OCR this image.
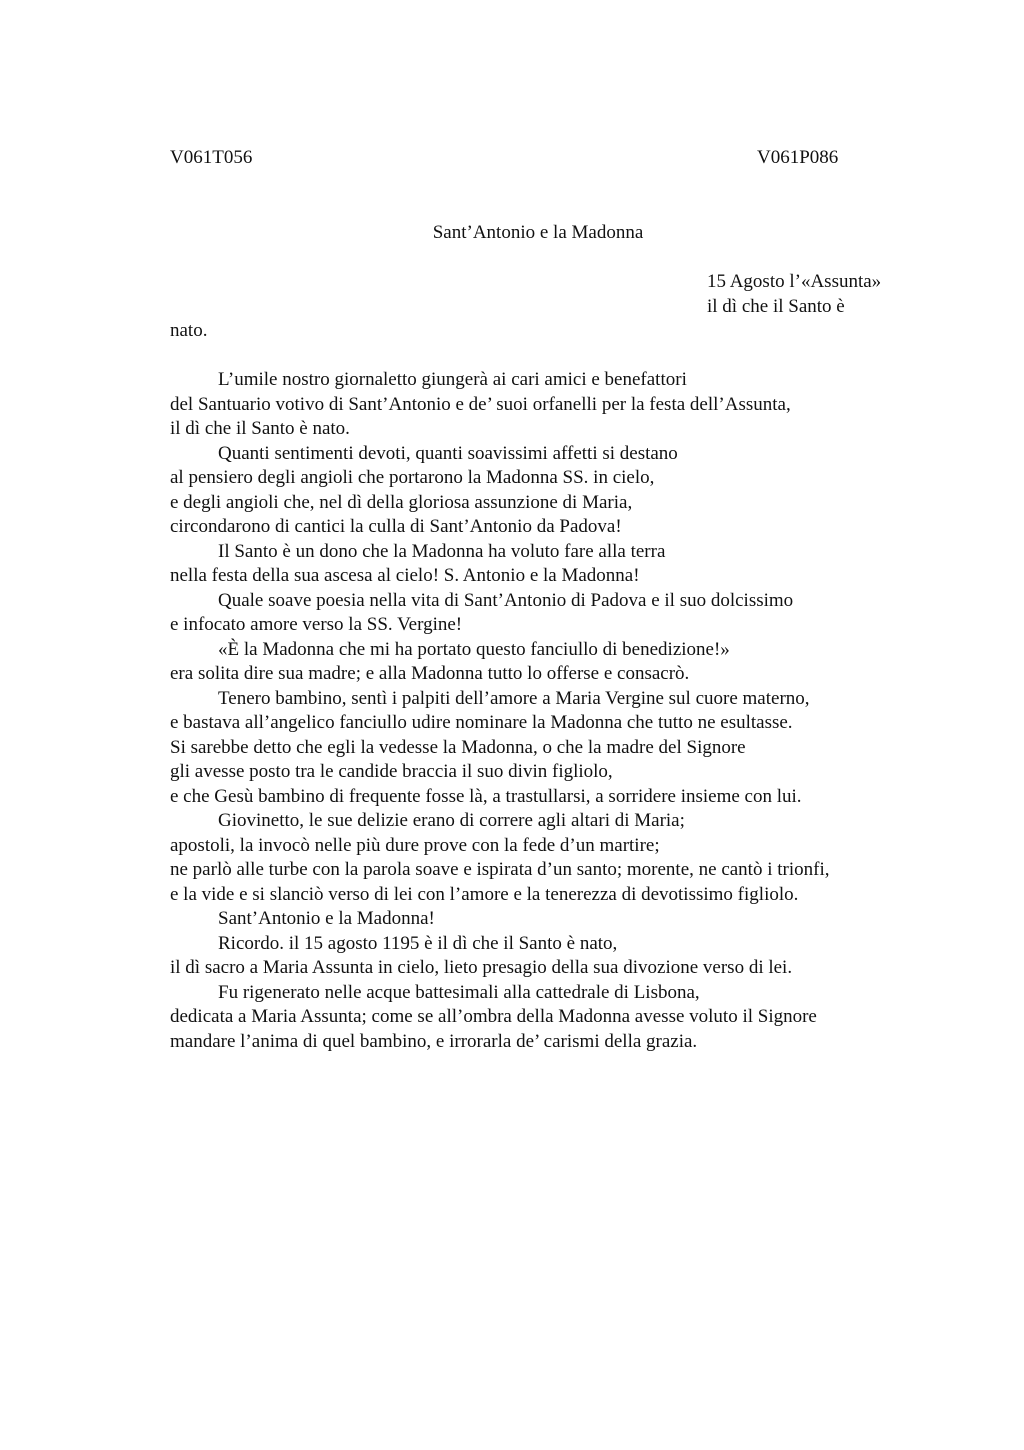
V061T056	V061P086
Sant’Antonio e la Madonna
15 Agosto l’«Assunta»
il dì che il Santo è
nato.
L’umile nostro giornaletto giungerà ai cari amici e benefattori
del Santuario votivo di Sant’Antonio e de’ suoi orfanelli per la festa dell’Assunta,
il dì che il Santo è nato.
Quanti sentimenti devoti, quanti soavissimi affetti si destano
al pensiero degli angioli che portarono la Madonna SS. in cielo,
e degli angioli che, nel dì della gloriosa assunzione di Maria,
circondarono di cantici la culla di Sant’Antonio da Padova!
Il Santo è un dono che la Madonna ha voluto fare alla terra
nella festa della sua ascesa al cielo! S. Antonio e la Madonna!
Quale soave poesia nella vita di Sant’Antonio di Padova e il suo dolcissimo
e infocato amore verso la SS. Vergine!
«È la Madonna che mi ha portato questo fanciullo di benedizione!»
era solita dire sua madre; e alla Madonna tutto lo offerse e consacrò.
Tenero bambino, sentì i palpiti dell’amore a Maria Vergine sul cuore materno,
e bastava all’angelico fanciullo udire nominare la Madonna che tutto ne esultasse.
Si sarebbe detto che egli la vedesse la Madonna, o che la madre del Signore
gli avesse posto tra le candide braccia il suo divin figliolo,
e che Gesù bambino di frequente fosse là, a trastullarsi, a sorridere insieme con lui.
Giovinetto, le sue delizie erano di correre agli altari di Maria;
apostoli, la invocò nelle più dure prove con la fede d’un martire;
ne parlò alle turbe con la parola soave e ispirata d’un santo; morente, ne cantò i trionfi,
e la vide e si slanciò verso di lei con l’amore e la tenerezza di devotissimo figliolo.
Sant’Antonio e la Madonna!
Ricordo. il 15 agosto 1195 è il dì che il Santo è nato,
il dì sacro a Maria Assunta in cielo, lieto presagio della sua divozione verso di lei.
Fu rigenerato nelle acque battesimali alla cattedrale di Lisbona,
dedicata a Maria Assunta; come se all’ombra della Madonna avesse voluto il Signore
mandare l’anima di quel bambino, e irrorarla de’ carismi della grazia.
